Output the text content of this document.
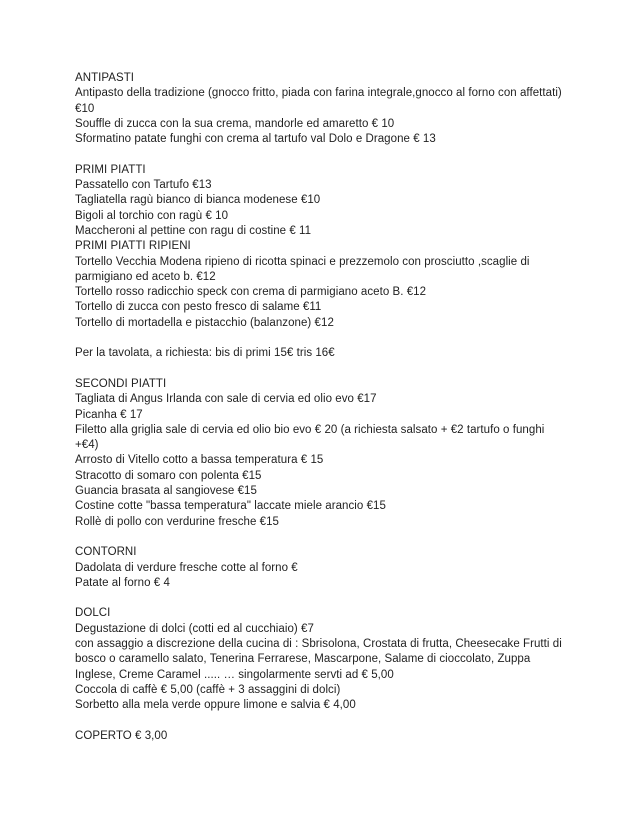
ANTIPASTI
Antipasto della tradizione (gnocco fritto, piada con farina integrale,gnocco al forno con affettati)
€10
Souffle di zucca con la sua crema, mandorle ed amaretto € 10
Sformatino patate funghi con crema al tartufo val Dolo e Dragone € 13
PRIMI PIATTI
Passatello con Tartufo €13
Tagliatella ragù bianco di bianca modenese €10
Bigoli al torchio con ragù € 10
Maccheroni al pettine con ragu di costine € 11
PRIMI PIATTI RIPIENI
Tortello Vecchia Modena ripieno di ricotta spinaci e prezzemolo con prosciutto ,scaglie di
parmigiano ed aceto b. €12
Tortello rosso radicchio speck con crema di parmigiano aceto B. €12
Tortello di zucca con pesto fresco di salame €11
Tortello di mortadella e pistacchio (balanzone) €12
Per la tavolata, a richiesta: bis di primi 15€ tris 16€
SECONDI PIATTI
Tagliata di Angus Irlanda con sale di cervia ed olio evo €17
Picanha € 17
Filetto alla griglia sale di cervia ed olio bio evo € 20 (a richiesta salsato + €2 tartufo o funghi
+€4)
Arrosto di Vitello cotto a bassa temperatura € 15
Stracotto di somaro con polenta €15
Guancia brasata al sangiovese €15
Costine cotte "bassa temperatura" laccate miele arancio €15
Rollè di pollo con verdurine fresche €15
CONTORNI
Dadolata di verdure fresche cotte al forno €
Patate al forno € 4
DOLCI
Degustazione di dolci (cotti ed al cucchiaio) €7
con assaggio a discrezione della cucina di : Sbrisolona, Crostata di frutta, Cheesecake Frutti di
bosco o caramello salato, Tenerina Ferrarese, Mascarpone, Salame di cioccolato, Zuppa
Inglese, Creme Caramel ..... … singolarmente servti ad € 5,00
Coccola di caffè € 5,00 (caffè + 3 assaggini di dolci)
Sorbetto alla mela verde oppure limone e salvia € 4,00
COPERTO € 3,00
